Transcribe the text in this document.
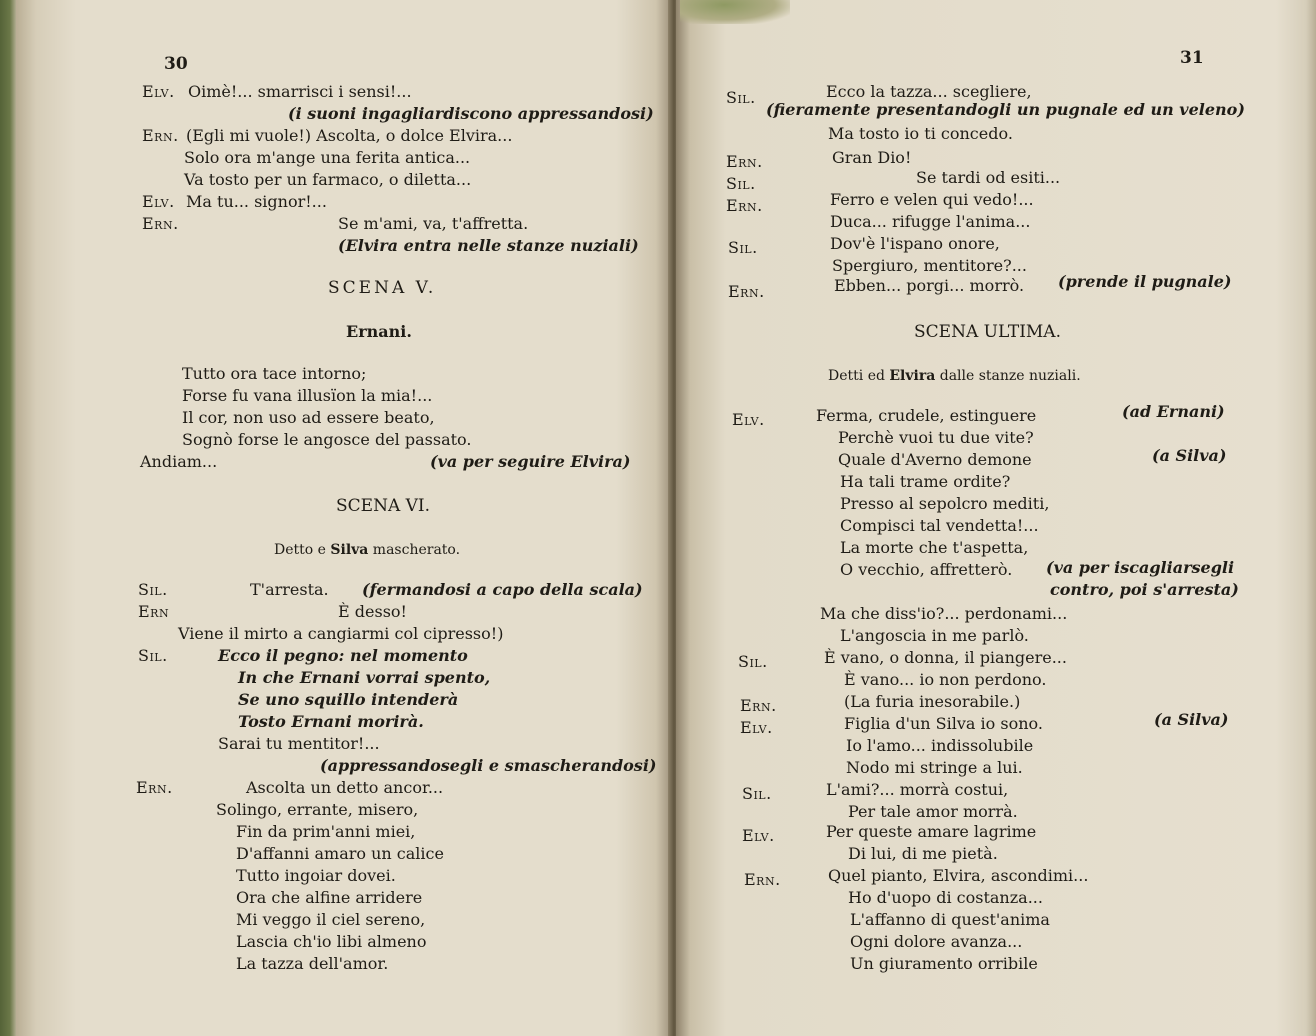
30
Elv. Oimè!... smarrisci i sensi!...
(i suoni ingagliardiscono appressandosi)
Ern. (Egli mi vuole!) Ascolta, o dolce Elvira...
Solo ora m'ange una ferita antica...
Va tosto per un farmaco, o diletta...
Elv. Ma tu... signor!...
Ern.	Se m'ami, va, t'affretta.
(Elvira entra nelle stanze nuziali)
SCENA V.
Ernani.
Tutto ora tace intorno;
Forse fu vana illusïon la mia!...
Il cor, non uso ad essere beato,
Sognò forse le angosce del passato.
Andiam...	(va per seguire Elvira)
SCENA VI.
Detto e Silva mascherato.
Sil.	T'arresta. (fermandosi a capo della scala)
Ern	È desso!
Viene il mirto a cangiarmi col cipresso!)
Sil.	Ecco il pegno: nel momento
In che Ernani vorrai spento,
Se uno squillo intenderà
Tosto Ernani morirà.
Sarai tu mentitor!...
(appressandosegli e smascherandosi)
Ern.	Ascolta un detto ancor...
Solingo, errante, misero,
Fin da prim'anni miei,
D'affanni amaro un calice
Tutto ingoiar dovei.
Ora che alfine arridere
Mi veggo il ciel sereno,
Lascia ch'io libi almeno
La tazza dell'amor.
31
Sil.	Ecco la tazza... scegliere,
(fieramente presentandogli un pugnale ed un veleno)
Ma tosto io ti concedo.
Ern.	Gran Dio!
Sil.	Se tardi od esiti...
Ern.	Ferro e velen qui vedo!...
Duca... rifugge l'anima...
Sil.	Dov'è l'ispano onore,
Spergiuro, mentitore?...
Ern.	Ebben... porgi... morrò. (prende il pugnale)
SCENA ULTIMA.
Detti ed Elvira dalle stanze nuziali.
Elv.	Ferma, crudele, estinguere	(ad Ernani)
Perchè vuoi tu due vite?
Quale d'Averno demone	(a Silva)
Ha tali trame ordite?
Presso al sepolcro mediti,
Compisci tal vendetta!...
La morte che t'aspetta,
O vecchio, affretterò. (va per iscagliarsegli
contro, poi s'arresta)
Ma che diss'io?... perdonami...
L'angoscia in me parlò.
Sil.	È vano, o donna, il piangere...
È vano... io non perdono.
Ern.	(La furia inesorabile.)
Elv.	Figlia d'un Silva io sono.	(a Silva)
Io l'amo... indissolubile
Nodo mi stringe a lui.
Sil.	L'ami?... morrà costui,
Per tale amor morrà.
Elv.	Per queste amare lagrime
Di lui, di me pietà.
Ern.	Quel pianto, Elvira, ascondimi...
Ho d'uopo di costanza...
L'affanno di quest'anima
Ogni dolore avanza...
Un giuramento orribile
